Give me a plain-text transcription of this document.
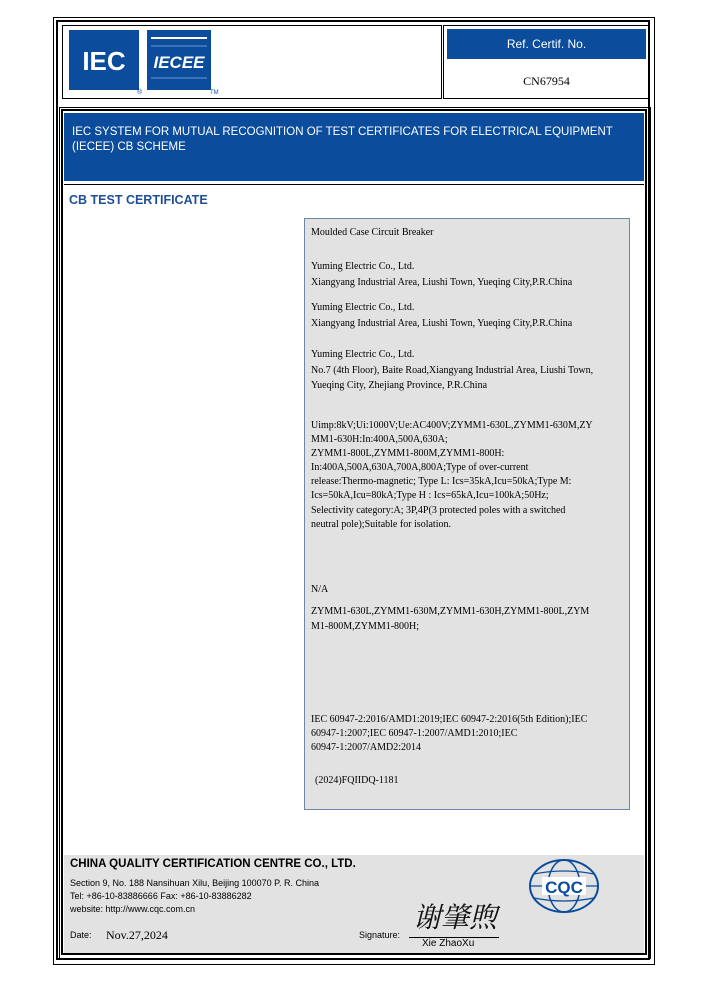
IEC
®
IECEE
TM
Ref. Certif. No.
CN67954
IEC SYSTEM FOR MUTUAL RECOGNITION OF TEST CERTIFICATES FOR ELECTRICAL EQUIPMENT (IECEE) CB SCHEME
CB TEST CERTIFICATE
Moulded Case Circuit Breaker
Yuming Electric Co., Ltd.
Xiangyang Industrial Area, Liushi Town, Yueqing City,P.R.China
Yuming Electric Co., Ltd.
Xiangyang Industrial Area, Liushi Town, Yueqing City,P.R.China
Yuming Electric Co., Ltd.
No.7 (4th Floor), Baite Road,Xiangyang Industrial Area, Liushi Town,
Yueqing City, Zhejiang Province, P.R.China
Uimp:8kV;Ui:1000V;Ue:AC400V;ZYMM1-630L,ZYMM1-630M,ZY
MM1-630H:In:400A,500A,630A;
ZYMM1-800L,ZYMM1-800M,ZYMM1-800H:
In:400A,500A,630A,700A,800A;Type of over-current
release:Thermo-magnetic; Type L: Ics=35kA,Icu=50kA;Type M:
Ics=50kA,Icu=80kA;Type H : Ics=65kA,Icu=100kA;50Hz;
Selectivity category:A; 3P,4P(3 protected poles with a switched
neutral pole);Suitable for isolation.
N/A
ZYMM1-630L,ZYMM1-630M,ZYMM1-630H,ZYMM1-800L,ZYM
M1-800M,ZYMM1-800H;
IEC 60947-2:2016/AMD1:2019;IEC 60947-2:2016(5th Edition);IEC
60947-1:2007;IEC 60947-1:2007/AMD1:2010;IEC
60947-1:2007/AMD2:2014
(2024)FQIIDQ-1181
CHINA QUALITY CERTIFICATION CENTRE CO., LTD.
Section 9, No. 188 Nansihuan Xilu, Beijing 100070 P. R. China
Tel: +86-10-83886666 Fax: +86-10-83886282
website: http://www.cqc.com.cn
Date: Nov.27,2024	Signature:
谢肇煦
Xie ZhaoXu
CQC
